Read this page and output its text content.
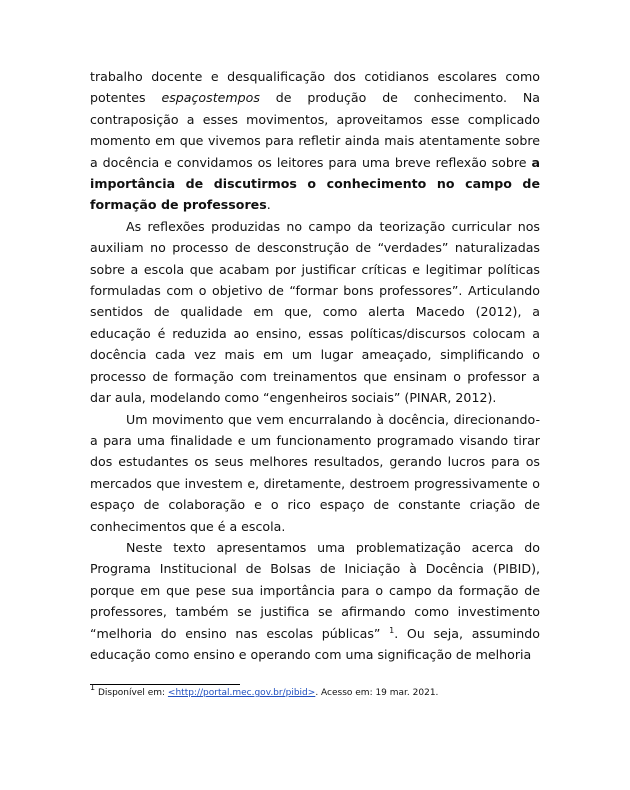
trabalho docente e desqualificação dos cotidianos escolares como potentes espaçostempos de produção de conhecimento. Na contraposição a esses movimentos, aproveitamos esse complicado momento em que vivemos para refletir ainda mais atentamente sobre a docência e convidamos os leitores para uma breve reflexão sobre a importância de discutirmos o conhecimento no campo de formação de professores.

As reflexões produzidas no campo da teorização curricular nos auxiliam no processo de desconstrução de “verdades” naturalizadas sobre a escola que acabam por justificar críticas e legitimar políticas formuladas com o objetivo de “formar bons professores”. Articulando sentidos de qualidade em que, como alerta Macedo (2012), a educação é reduzida ao ensino, essas políticas/discursos colocam a docência cada vez mais em um lugar ameaçado, simplificando o processo de formação com treinamentos que ensinam o professor a dar aula, modelando como “engenheiros sociais” (PINAR, 2012).

Um movimento que vem encurralando à docência, direcionando-a para uma finalidade e um funcionamento programado visando tirar dos estudantes os seus melhores resultados, gerando lucros para os mercados que investem e, diretamente, destroem progressivamente o espaço de colaboração e o rico espaço de constante criação de conhecimentos que é a escola.

Neste texto apresentamos uma problematização acerca do Programa Institucional de Bolsas de Iniciação à Docência (PIBID), porque em que pese sua importância para o campo da formação de professores, também se justifica se afirmando como investimento “melhoria do ensino nas escolas públicas” $^1$. Ou seja, assumindo educação como ensino e operando com uma significação de melhoria

$^1$ Disponível em: <http://portal.mec.gov.br/pibid>. Acesso em: 19 mar. 2021.
